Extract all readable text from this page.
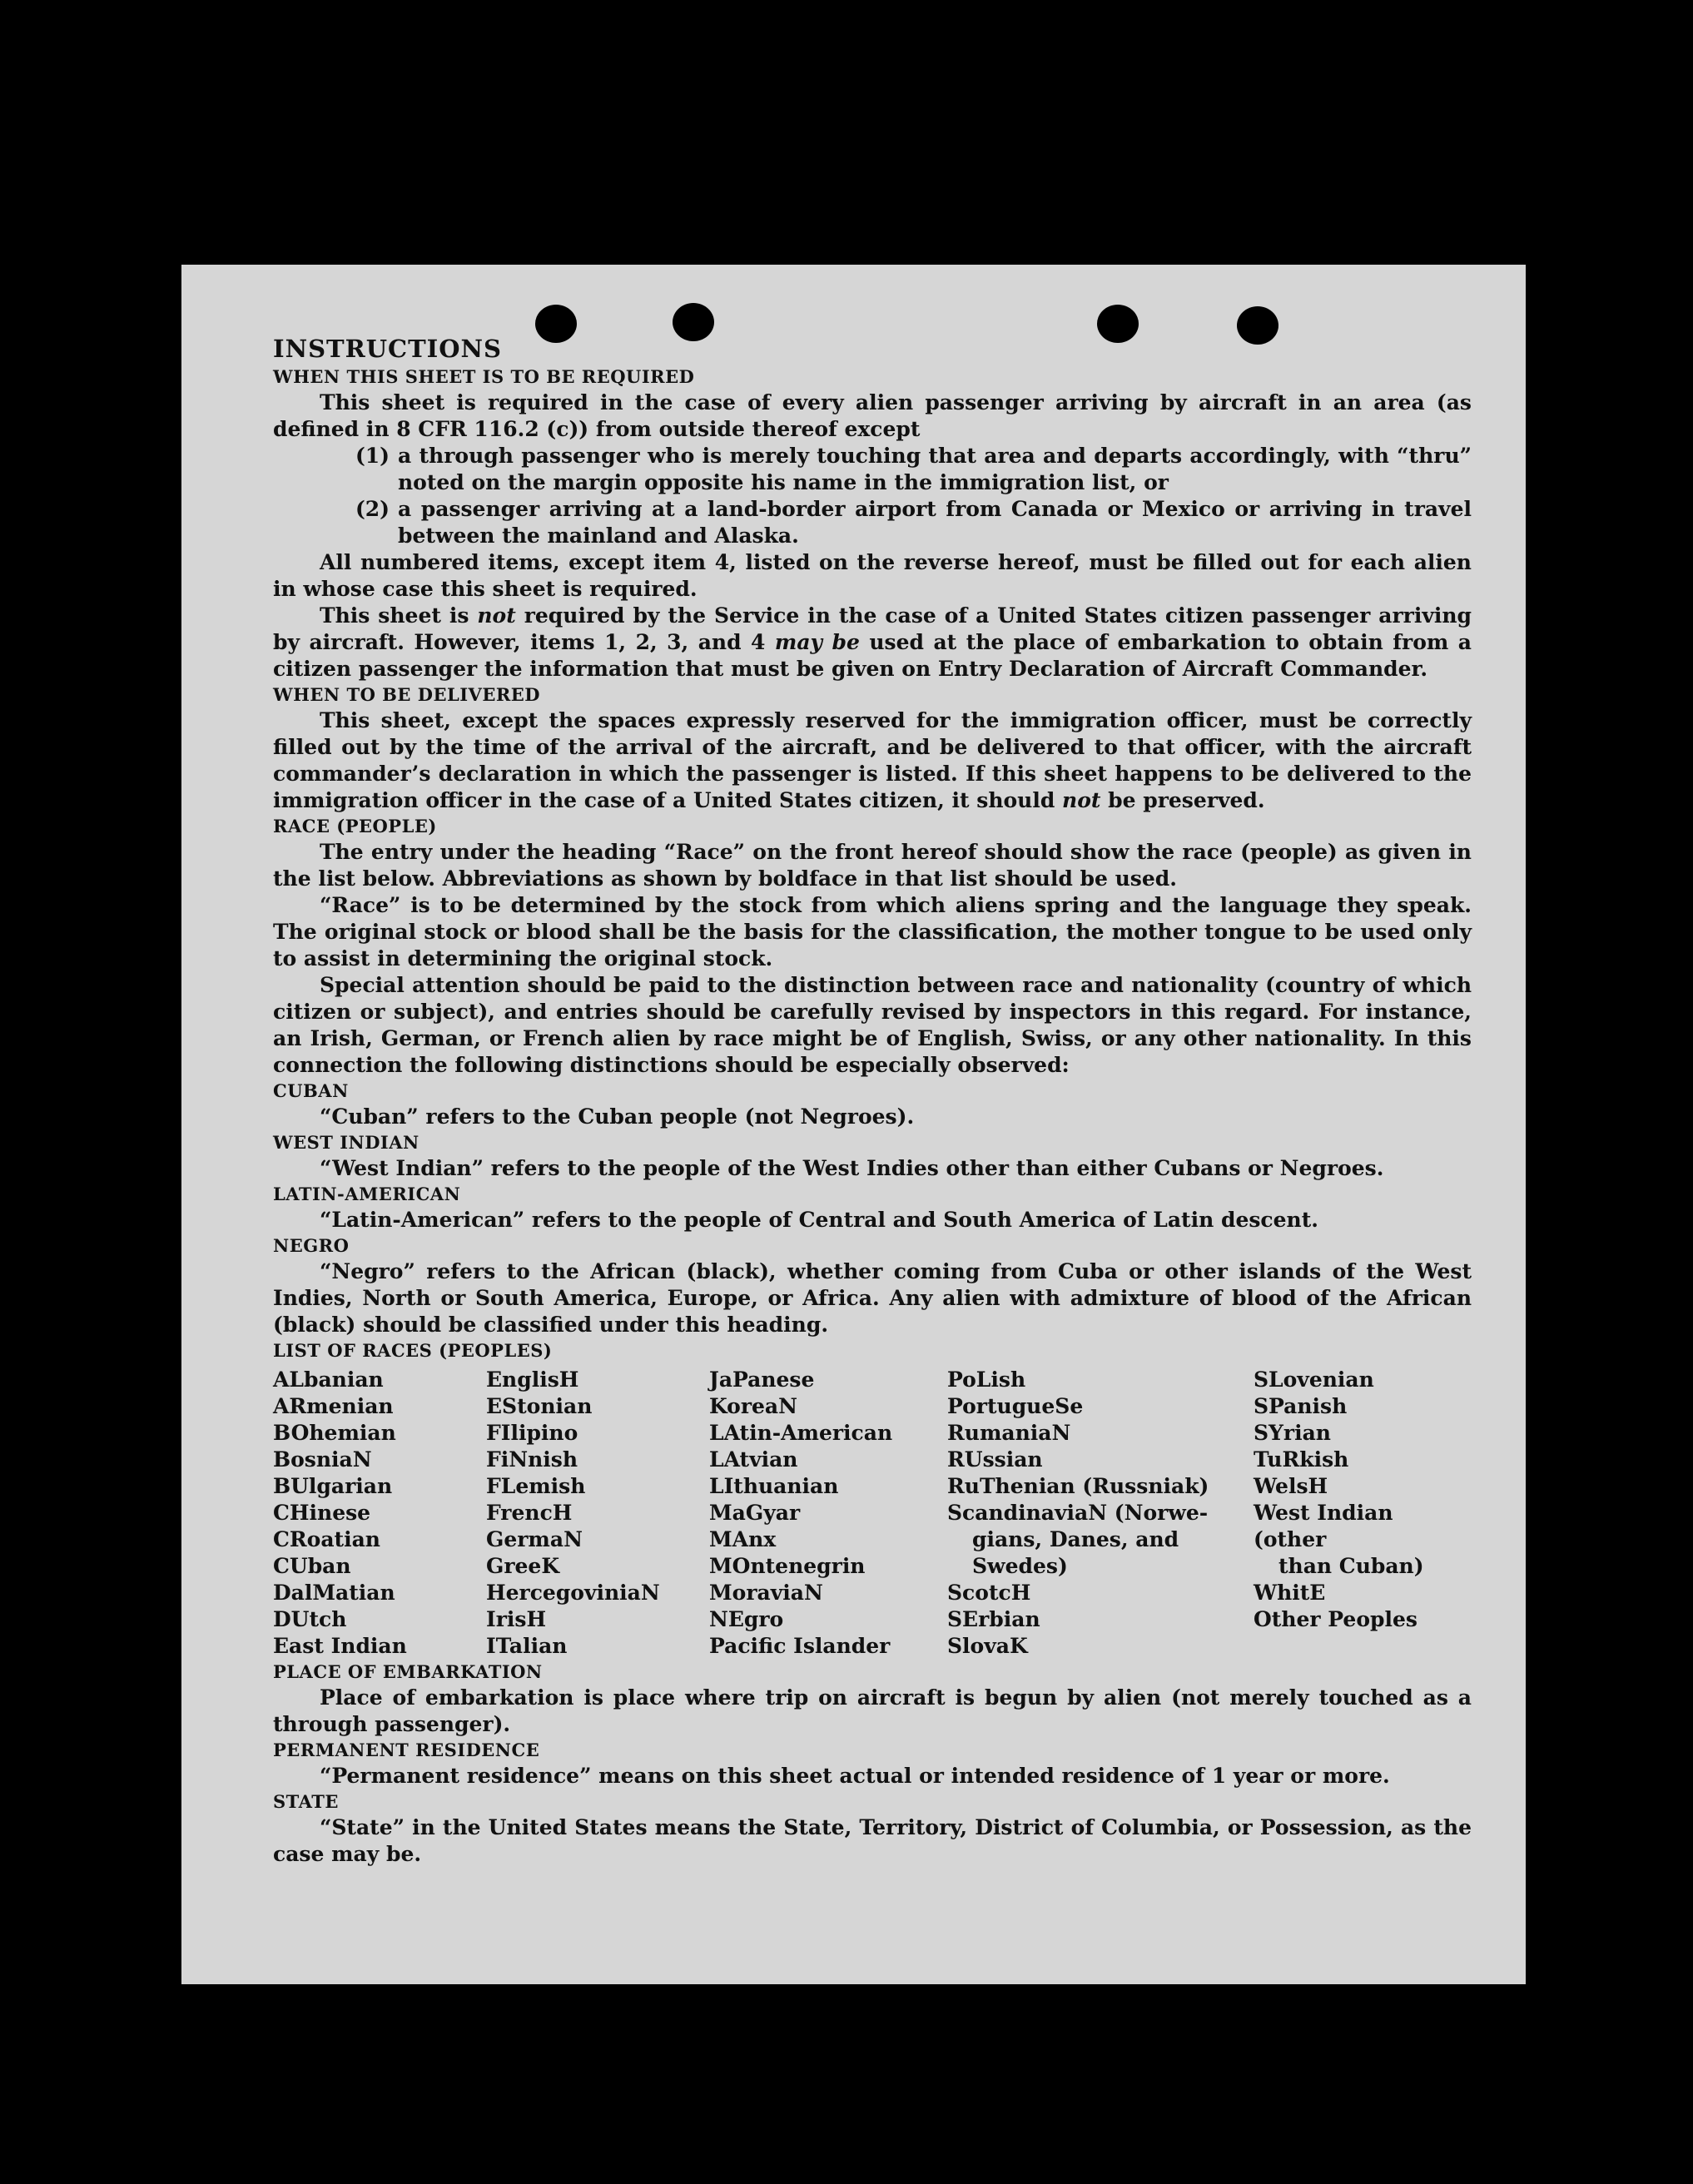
INSTRUCTIONS

WHEN THIS SHEET IS TO BE REQUIRED

This sheet is required in the case of every alien passenger arriving by aircraft in an area (as defined in 8 CFR 116.2 (c)) from outside thereof except

(1) a through passenger who is merely touching that area and departs accordingly, with “thru” noted on the margin opposite his name in the immigration list, or
(2) a passenger arriving at a land-border airport from Canada or Mexico or arriving in travel between the mainland and Alaska.

All numbered items, except item 4, listed on the reverse hereof, must be filled out for each alien in whose case this sheet is required.

This sheet is not required by the Service in the case of a United States citizen passenger arriving by aircraft. However, items 1, 2, 3, and 4 may be used at the place of embarkation to obtain from a citizen passenger the information that must be given on Entry Declaration of Aircraft Commander.

WHEN TO BE DELIVERED

This sheet, except the spaces expressly reserved for the immigration officer, must be correctly filled out by the time of the arrival of the aircraft, and be delivered to that officer, with the aircraft commander’s declaration in which the passenger is listed. If this sheet happens to be delivered to the immigration officer in the case of a United States citizen, it should not be preserved.

RACE (PEOPLE)

The entry under the heading “Race” on the front hereof should show the race (people) as given in the list below. Abbreviations as shown by boldface in that list should be used.

“Race” is to be determined by the stock from which aliens spring and the language they speak. The original stock or blood shall be the basis for the classification, the mother tongue to be used only to assist in determining the original stock.

Special attention should be paid to the distinction between race and nationality (country of which citizen or subject), and entries should be carefully revised by inspectors in this regard. For instance, an Irish, German, or French alien by race might be of English, Swiss, or any other nationality. In this connection the following distinctions should be especially observed:

CUBAN

“Cuban” refers to the Cuban people (not Negroes).

WEST INDIAN

“West Indian” refers to the people of the West Indies other than either Cubans or Negroes.

LATIN-AMERICAN

“Latin-American” refers to the people of Central and South America of Latin descent.

NEGRO

“Negro” refers to the African (black), whether coming from Cuba or other islands of the West Indies, North or South America, Europe, or Africa. Any alien with admixture of blood of the African (black) should be classified under this heading.

LIST OF RACES (PEOPLES)

ALbanian
ARmenian
BOhemian
BosniaN
BUlgarian
CHinese
CRoatian
CUban
DalMatian
DUtch
East Indian
EnglisH
EStonian
FIlipino
FiNnish
FLemish
FrencH
GermaN
GreeK
HercegoviniaN
IrisH
ITalian
JaPanese
KoreaN
LAtin-American
LAtvian
LIthuanian
MaGyar
MAnx
MOntenegrin
MoraviaN
NEgro
Pacific Islander
PoLish
PortugueSe
RumaniaN
RUssian
RuThenian (Russniak)
ScandinaviaN (Norwe-
gians, Danes, and
Swedes)
ScotcH
SErbian
SlovaK
SLovenian
SPanish
SYrian
TuRkish
WelsH
West Indian (other
than Cuban)
WhitE
Other Peoples

PLACE OF EMBARKATION

Place of embarkation is place where trip on aircraft is begun by alien (not merely touched as a through passenger).

PERMANENT RESIDENCE

“Permanent residence” means on this sheet actual or intended residence of 1 year or more.

STATE

“State” in the United States means the State, Territory, District of Columbia, or Possession, as the case may be.
